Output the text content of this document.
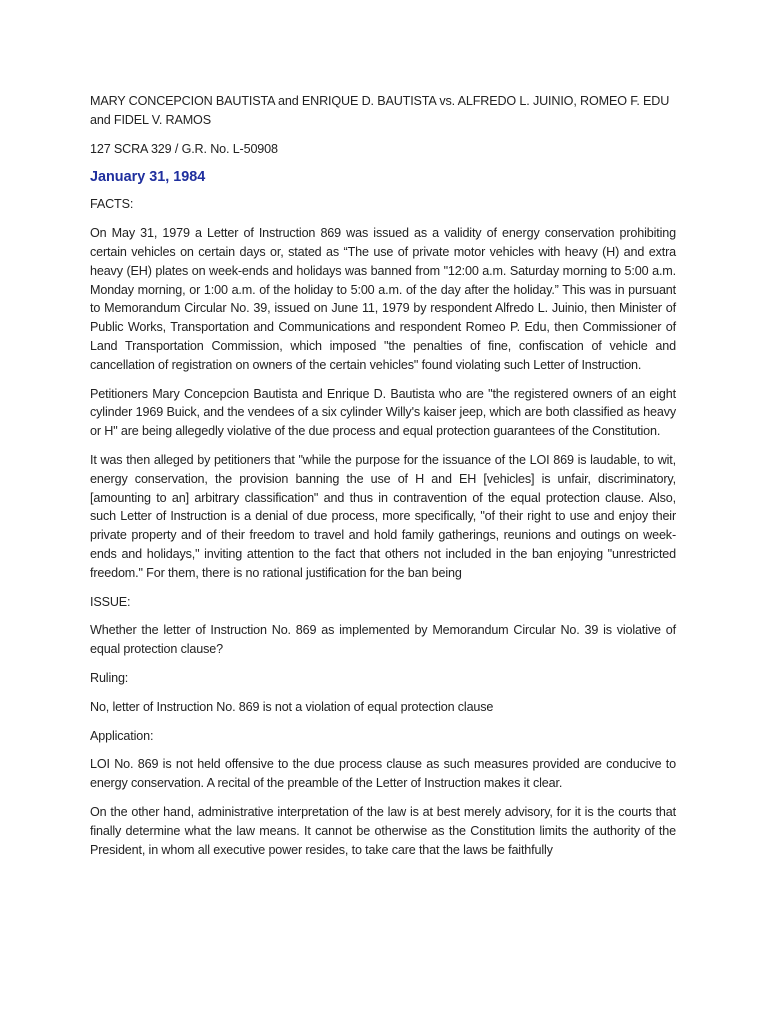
MARY CONCEPCION BAUTISTA and ENRIQUE D. BAUTISTA vs. ALFREDO L. JUINIO, ROMEO F. EDU and FIDEL V. RAMOS

127 SCRA 329 / G.R. No. L-50908

January 31, 1984

FACTS:

On May 31, 1979 a Letter of Instruction 869 was issued as a validity of energy conservation prohibiting certain vehicles on certain days or, stated as “The use of private motor vehicles with heavy (H) and extra heavy (EH) plates on week-ends and holidays was banned from "12:00 a.m. Saturday morning to 5:00 a.m. Monday morning, or 1:00 a.m. of the holiday to 5:00 a.m. of the day after the holiday.” This was in pursuant to Memorandum Circular No. 39, issued on June 11, 1979 by respondent Alfredo L. Juinio, then Minister of Public Works, Transportation and Communications and respondent Romeo P. Edu, then Commissioner of Land Transportation Commission, which imposed "the penalties of fine, confiscation of vehicle and cancellation of registration on owners of the certain vehicles" found violating such Letter of Instruction.

Petitioners Mary Concepcion Bautista and Enrique D. Bautista who are "the registered owners of an eight cylinder 1969 Buick, and the vendees of a six cylinder Willy's kaiser jeep, which are both classified as heavy or H" are being allegedly violative of the due process and equal protection guarantees of the Constitution.

It was then alleged by petitioners that "while the purpose for the issuance of the LOI 869 is laudable, to wit, energy conservation, the provision banning the use of H and EH [vehicles] is unfair, discriminatory, [amounting to an] arbitrary classification" and thus in contravention of the equal protection clause. Also, such Letter of Instruction is a denial of due process, more specifically, "of their right to use and enjoy their private property and of their freedom to travel and hold family gatherings, reunions and outings on week-ends and holidays," inviting attention to the fact that others not included in the ban enjoying "unrestricted freedom." For them, there is no rational justification for the ban being

ISSUE:

Whether the letter of Instruction No. 869 as implemented by Memorandum Circular No. 39 is violative of equal protection clause?

Ruling:

No, letter of Instruction No. 869 is not a violation of equal protection clause

Application:

LOI No. 869 is not held offensive to the due process clause as such measures provided are conducive to energy conservation. A recital of the preamble of the Letter of Instruction makes it clear.

On the other hand, administrative interpretation of the law is at best merely advisory, for it is the courts that finally determine what the law means. It cannot be otherwise as the Constitution limits the authority of the President, in whom all executive power resides, to take care that the laws be faithfully
